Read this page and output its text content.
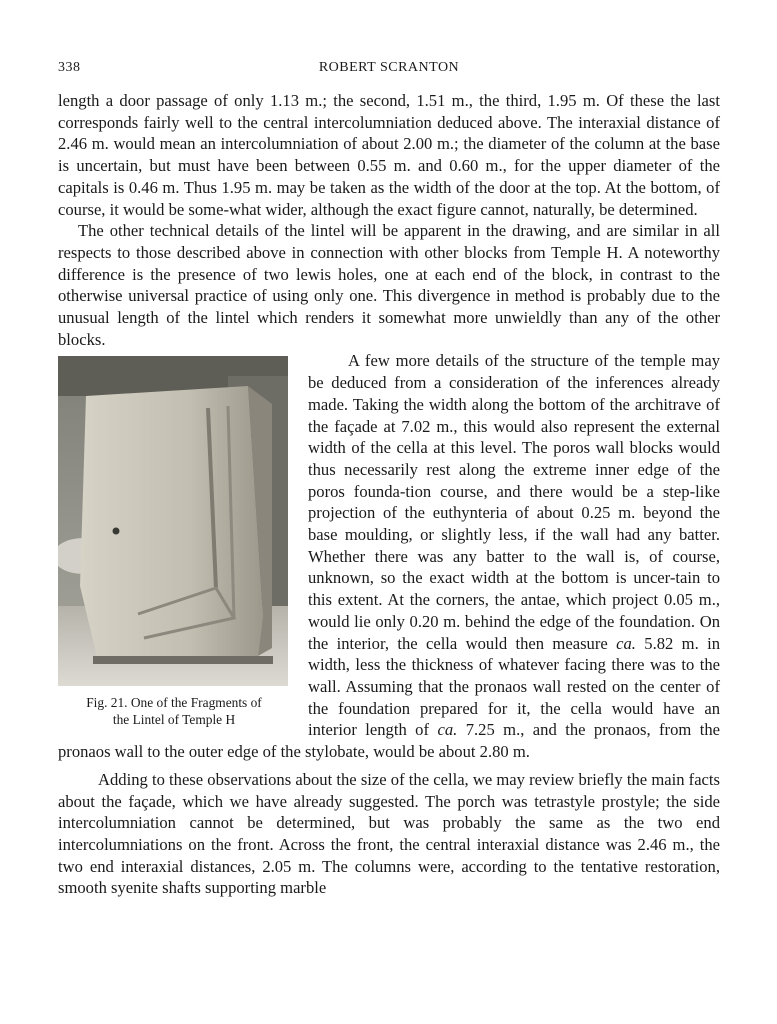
338	ROBERT SCRANTON

length a door passage of only 1.13 m.; the second, 1.51 m., the third, 1.95 m. Of these the last corresponds fairly well to the central intercolumniation deduced above. The interaxial distance of 2.46 m. would mean an intercolumniation of about 2.00 m.; the diameter of the column at the base is uncertain, but must have been between 0.55 m. and 0.60 m., for the upper diameter of the capitals is 0.46 m. Thus 1.95 m. may be taken as the width of the door at the top. At the bottom, of course, it would be some-what wider, although the exact figure cannot, naturally, be determined.

The other technical details of the lintel will be apparent in the drawing, and are similar in all respects to those described above in connection with other blocks from Temple H. A noteworthy difference is the presence of two lewis holes, one at each end of the block, in contrast to the otherwise universal practice of using only one. This divergence in method is probably due to the unusual length of the lintel which renders it somewhat more unwieldly than any of the other blocks.

Fig. 21. One of the Fragments of
the Lintel of Temple H

A few more details of the structure of the temple may be deduced from a consideration of the inferences already made. Taking the width along the bottom of the architrave of the façade at 7.02 m., this would also represent the external width of the cella at this level. The poros wall blocks would thus necessarily rest along the extreme inner edge of the poros founda-tion course, and there would be a step-like projection of the euthynteria of about 0.25 m. beyond the base moulding, or slightly less, if the wall had any batter. Whether there was any batter to the wall is, of course, unknown, so the exact width at the bottom is uncer-tain to this extent. At the corners, the antae, which project 0.05 m., would lie only 0.20 m. behind the edge of the foundation. On the interior, the cella would then measure ca. 5.82 m. in width, less the thickness of whatever facing there was to the wall. Assuming that the pronaos wall rested on the center of the foundation prepared for it, the cella would have an interior length of ca. 7.25 m., and the pronaos, from the pronaos wall to the outer edge of the stylobate, would be about 2.80 m.

Adding to these observations about the size of the cella, we may review briefly the main facts about the façade, which we have already suggested. The porch was tetrastyle prostyle; the side intercolumniation cannot be determined, but was probably the same as the two end intercolumniations on the front. Across the front, the central interaxial distance was 2.46 m., the two end interaxial distances, 2.05 m. The columns were, according to the tentative restoration, smooth syenite shafts supporting marble
